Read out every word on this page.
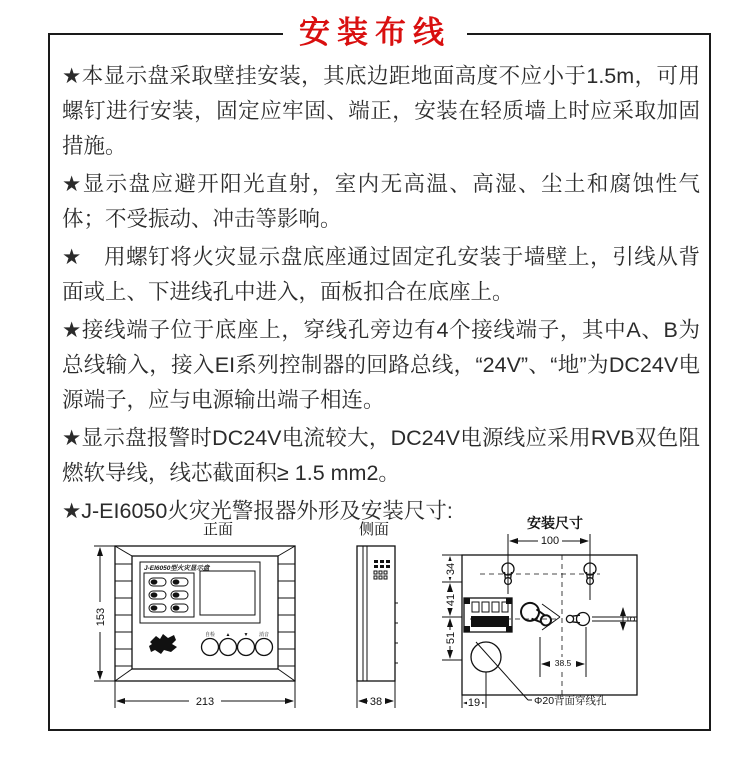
安装布线

★本显示盘采取壁挂安装，其底边距地面高度不应小于1.5m，可用螺钉进行安装，固定应牢固、端正，安装在轻质墙上时应采取加固措施。

★显示盘应避开阳光直射，室内无高温、高湿、尘土和腐蚀性气体；不受振动、冲击等影响。

★　用螺钉将火灾显示盘底座通过固定孔安装于墙壁上，引线从背面或上、下进线孔中进入，面板扣合在底座上。

★接线端子位于底座上，穿线孔旁边有4个接线端子，其中A、B为总线输入，接入EI系列控制器的回路总线，“24V”、“地”为DC24V电源端子，应与电源输出端子相连。

★显示盘报警时DC24V电流较大，DC24V电源线应采用RVB双色阻燃软导线，线芯截面积≥ 1.5 mm2。

★J-EI6050火灾光警报器外形及安装尺寸:

正面
J-EI6050型火灾显示盘
自检 ▲	▼ 消音
153
213
侧面
38
安装尺寸
100
5
Φ20背面穿线孔
34
41
51
19
38.5
